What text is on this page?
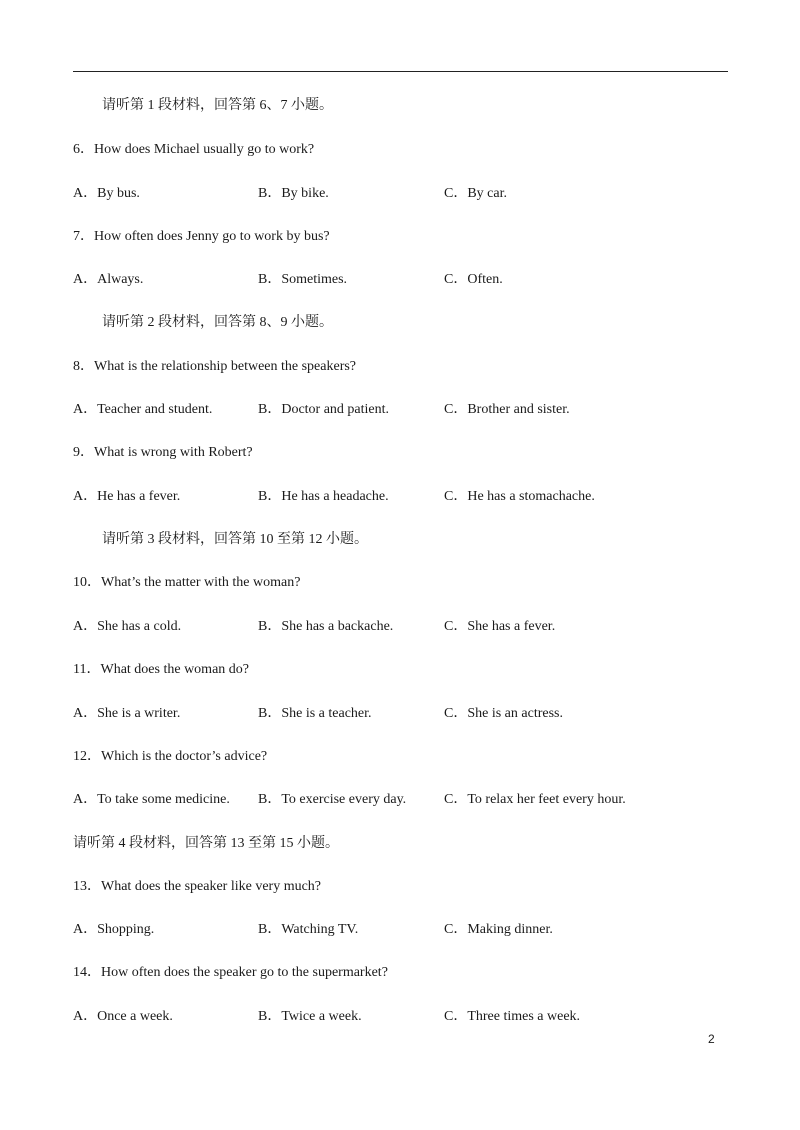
请听第 1 段材料，回答第 6、7 小题。
6．How does Michael usually go to work?
A．By bus.	B．By bike.	C．By car.
7．How often does Jenny go to work by bus?
A．Always.	B．Sometimes.	C．Often.
请听第 2 段材料，回答第 8、9 小题。
8．What is the relationship between the speakers?
A．Teacher and student.	B．Doctor and patient.	C．Brother and sister.
9．What is wrong with Robert?
A．He has a fever.	B．He has a headache.	C．He has a stomachache.
请听第 3 段材料，回答第 10 至第 12 小题。
10．What’s the matter with the woman?
A．She has a cold.	B．She has a backache.	C．She has a fever.
11．What does the woman do?
A．She is a writer.	B．She is a teacher.	C．She is an actress.
12．Which is the doctor’s advice?
A．To take some medicine. B．To exercise every day.	C．To relax her feet every hour.
请听第 4 段材料，回答第 13 至第 15 小题。
13．What does the speaker like very much?
A．Shopping.	B．Watching TV.	C．Making dinner.
14．How often does the speaker go to the supermarket?
A．Once a week.	B．Twice a week.	C．Three times a week.
2
